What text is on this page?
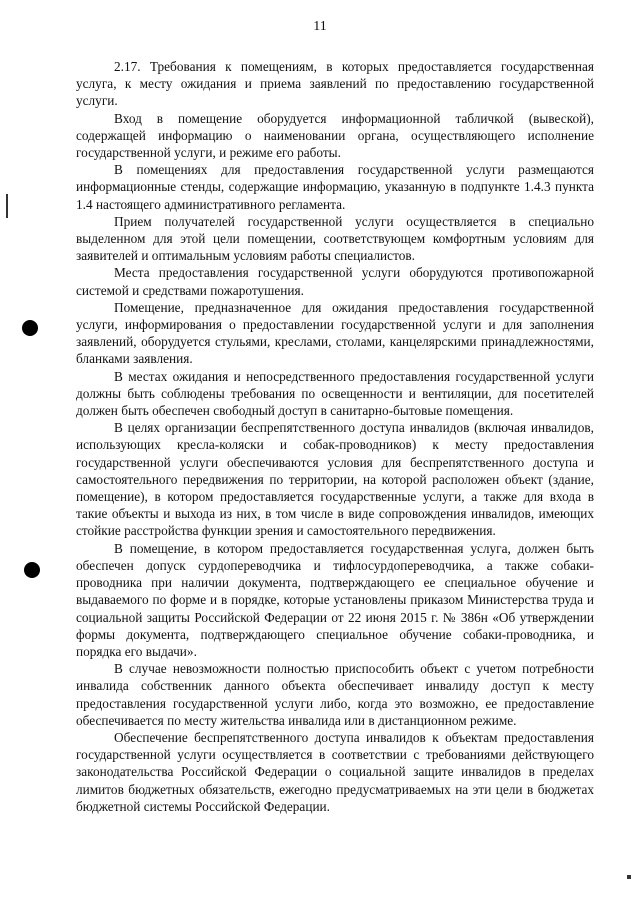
11

2.17. Требования к помещениям, в которых предоставляется государственная услуга, к месту ожидания и приема заявлений по предоставлению государственной услуги.

Вход в помещение оборудуется информационной табличкой (вывеской), содержащей информацию о наименовании органа, осуществляющего исполнение государственной услуги, и режиме его работы.

В помещениях для предоставления государственной услуги размещаются информационные стенды, содержащие информацию, указанную в подпункте 1.4.3 пункта 1.4 настоящего административного регламента.

Прием получателей государственной услуги осуществляется в специально выделенном для этой цели помещении, соответствующем комфортным условиям для заявителей и оптимальным условиям работы специалистов.

Места предоставления государственной услуги оборудуются противопожарной системой и средствами пожаротушения.

Помещение, предназначенное для ожидания предоставления государственной услуги, информирования о предоставлении государственной услуги и для заполнения заявлений, оборудуется стульями, креслами, столами, канцелярскими принадлежностями, бланками заявления.

В местах ожидания и непосредственного предоставления государственной услуги должны быть соблюдены требования по освещенности и вентиляции, для посетителей должен быть обеспечен свободный доступ в санитарно-бытовые помещения.

В целях организации беспрепятственного доступа инвалидов (включая инвалидов, использующих кресла-коляски и собак-проводников) к месту предоставления государственной услуги обеспечиваются условия для беспрепятственного доступа и самостоятельного передвижения по территории, на которой расположен объект (здание, помещение), в котором предоставляется государственные услуги, а также для входа в такие объекты и выхода из них, в том числе в виде сопровождения инвалидов, имеющих стойкие расстройства функции зрения и самостоятельного передвижения.

В помещение, в котором предоставляется государственная услуга, должен быть обеспечен допуск сурдопереводчика и тифлосурдопереводчика, а также собаки-проводника при наличии документа, подтверждающего ее специальное обучение и выдаваемого по форме и в порядке, которые установлены приказом Министерства труда и социальной защиты Российской Федерации от 22 июня 2015 г. № 386н «Об утверждении формы документа, подтверждающего специальное обучение собаки-проводника, и порядка его выдачи».

В случае невозможности полностью приспособить объект с учетом потребности инвалида собственник данного объекта обеспечивает инвалиду доступ к месту предоставления государственной услуги либо, когда это возможно, ее предоставление обеспечивается по месту жительства инвалида или в дистанционном режиме.

Обеспечение беспрепятственного доступа инвалидов к объектам предоставления государственной услуги осуществляется в соответствии с требованиями действующего законодательства Российской Федерации о социальной защите инвалидов в пределах лимитов бюджетных обязательств, ежегодно предусматриваемых на эти цели в бюджетах бюджетной системы Российской Федерации.
